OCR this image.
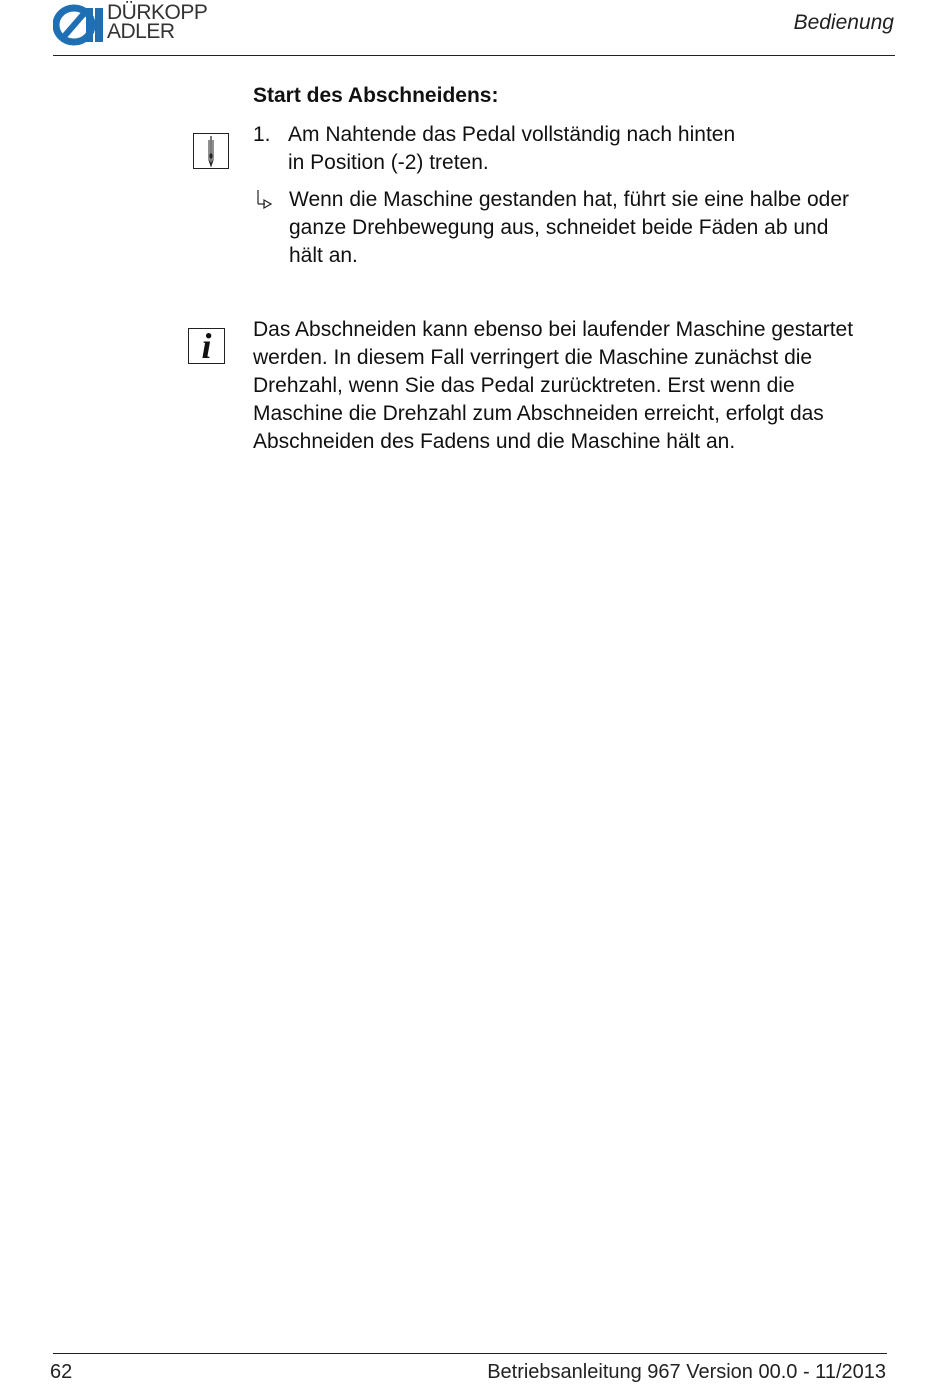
DÜRKOPP
ADLER	Bedienung
Start des Abschneidens:
1. Am Nahtende das Pedal vollständig nach hinten
in Position (-2) treten.
Wenn die Maschine gestanden hat, führt sie eine halbe oder
ganze Drehbewegung aus, schneidet beide Fäden ab und
hält an.
i	Das Abschneiden kann ebenso bei laufender Maschine gestartet
werden. In diesem Fall verringert die Maschine zunächst die
Drehzahl, wenn Sie das Pedal zurücktreten. Erst wenn die
Maschine die Drehzahl zum Abschneiden erreicht, erfolgt das
Abschneiden des Fadens und die Maschine hält an.
62	Betriebsanleitung 967 Version 00.0 - 11/2013
